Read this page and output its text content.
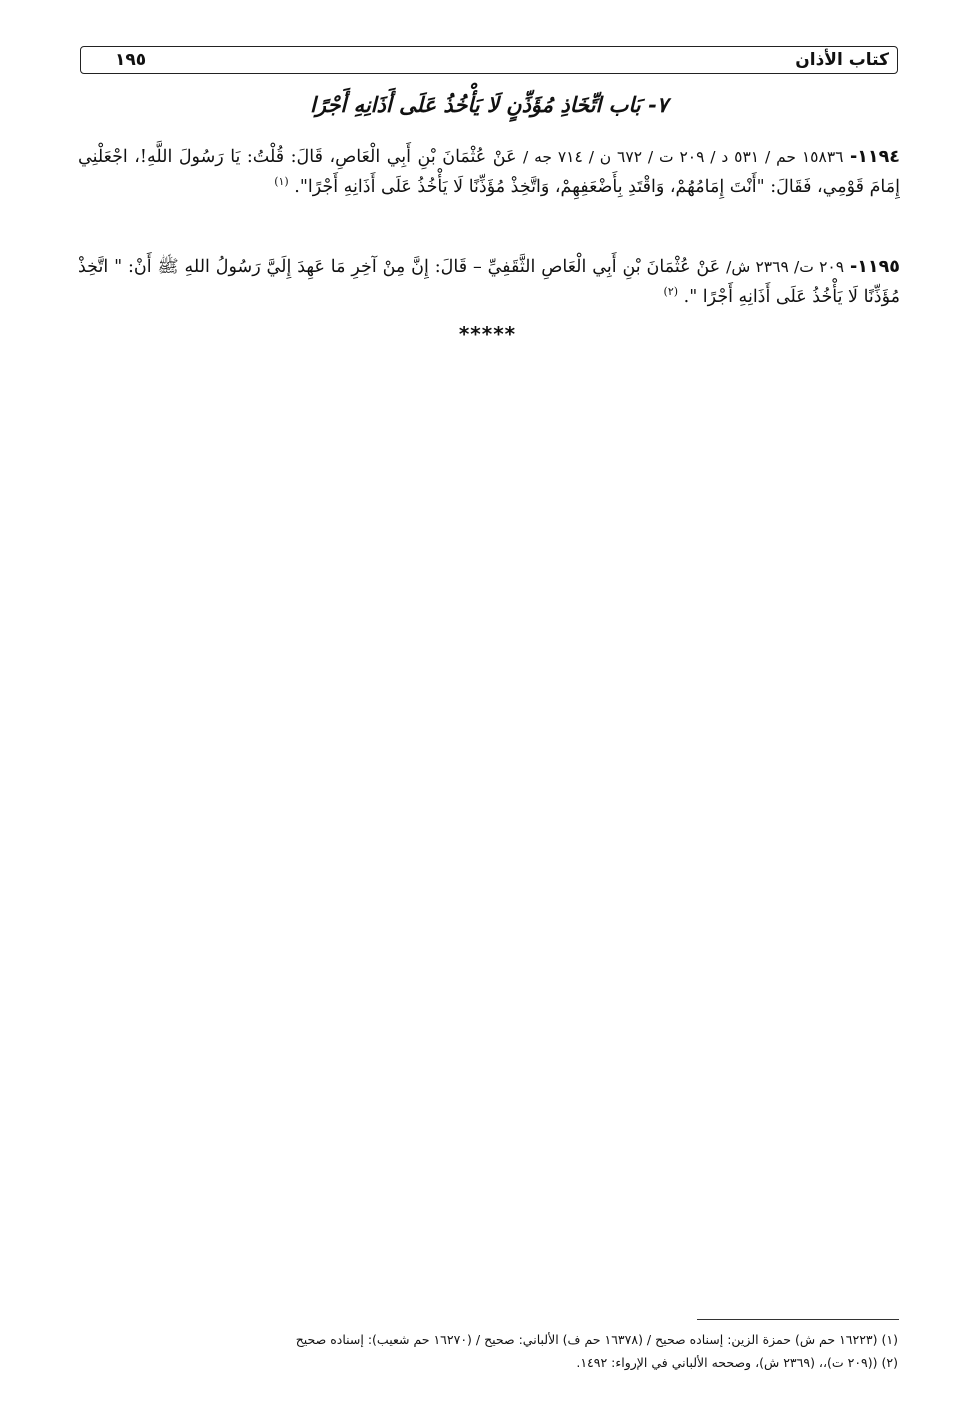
كتاب الأذان
١٩٥
٧- بَاب اتِّخَاذِ مُؤَذِّنٍ لَا يَأْخُذُ عَلَى أَذَانِهِ أَجْرًا
١١٩٤- ١٥٨٣٦ حم / ٥٣١ د / ٢٠٩ ت / ٦٧٢ ن / ٧١٤ جه / عَنْ عُثْمَانَ بْنِ أَبِي الْعَاصِ، قَالَ: قُلْتُ: يَا رَسُولَ اللَّهِ!، اجْعَلْنِي إِمَامَ قَوْمِي، فَقَالَ: "أَنْتَ إِمَامُهُمْ، وَاقْتَدِ بِأَضْعَفِهِمْ، وَاتَّخِذْ مُؤَذِّنًا لَا يَأْخُذُ عَلَى أَذَانِهِ أَجْرًا". $^{(١)}$
١١٩٥- ٢٠٩ ت/ ٢٣٦٩ ش/ عَنْ عُثْمَانَ بْنِ أَبِي الْعَاصِ الثَّقَفِيِّ – قَالَ: إِنَّ مِنْ آخِرِ مَا عَهِدَ إِلَيَّ رَسُولُ اللهِ ﷺ أَنْ: " اتَّخِذْ مُؤَذِّنًا لَا يَأْخُذُ عَلَى أَذَانِهِ أَجْرًا ". $^{(٢)}$
*****
(١) (١٦٢٢٣ حم ش) حمزة الزين: إسناده صحيح / (١٦٣٧٨ حم ف) الألباني: صحيح / (١٦٢٧٠ حم شعيب): إسناده صحيح
(٢) ((٢٠٩ ت)،، (٢٣٦٩ ش)، وصححه الألباني في الإرواء: ١٤٩٢.
